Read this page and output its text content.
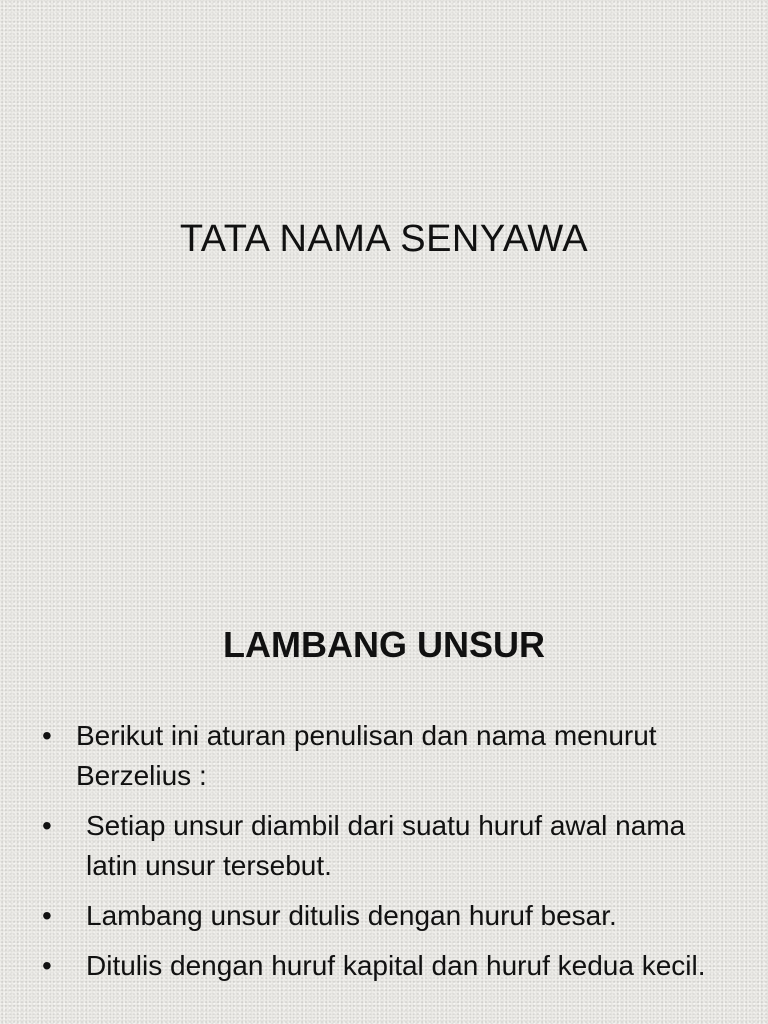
TATA NAMA SENYAWA
LAMBANG UNSUR
• Berikut ini aturan penulisan dan nama menurut Berzelius :
•	Setiap unsur diambil dari suatu huruf awal nama latin unsur tersebut.
•	Lambang unsur ditulis dengan huruf besar.
•	Ditulis dengan huruf kapital dan huruf kedua kecil.
